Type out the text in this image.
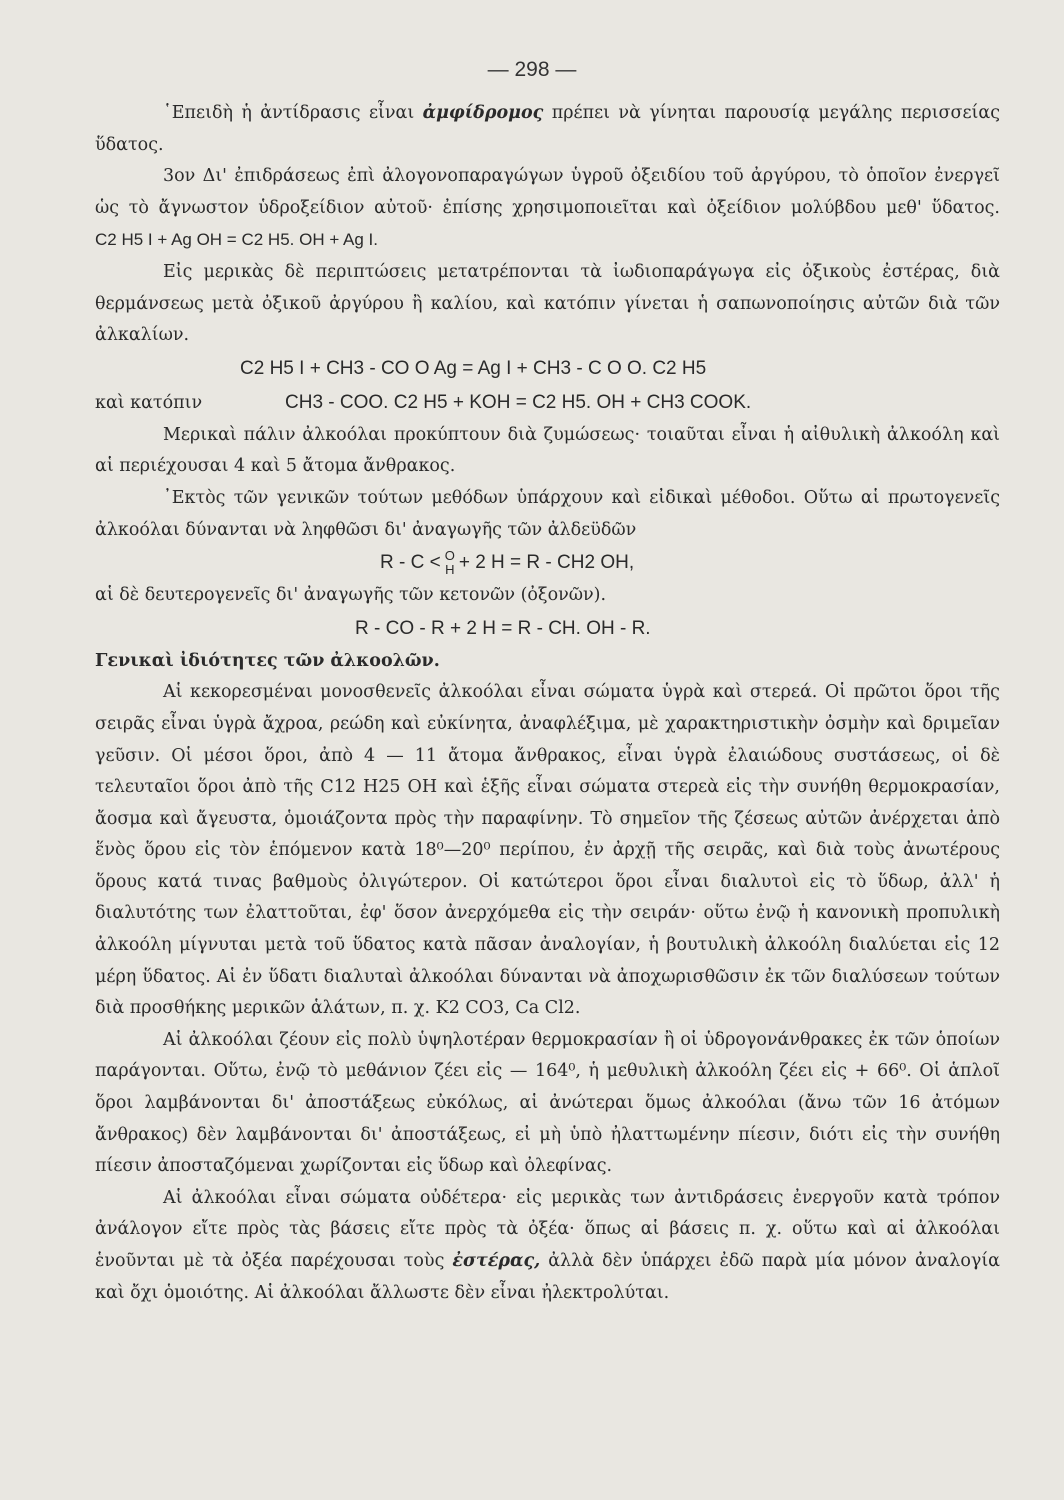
— 298 —

῾Επειδὴ ἡ ἀντίδρασις εἶναι ἀμφίδρομος πρέπει νὰ γίνηται παρουσίᾳ μεγάλης περισσείας ὕδατος.

3ον Δι' ἐπιδράσεως ἐπὶ ἀλογονοπαραγώγων ὑγροῦ ὀξειδίου τοῦ ἀργύρου, τὸ ὁποῖον ἐνεργεῖ ὡς τὸ ἄγνωστον ὑδροξείδιον αὐτοῦ· ἐπίσης χρησιμοποιεῖται καὶ ὀξείδιον μολύβδου μεθ' ὕδατος. C2 H5 I + Ag OH = C2 H5. OH + Ag I.

Εἰς μερικὰς δὲ περιπτώσεις μετατρέπονται τὰ ἰωδιοπαράγωγα εἰς ὀξικοὺς ἐστέρας, διὰ θερμάνσεως μετὰ ὀξικοῦ ἀργύρου ἢ καλίου, καὶ κατόπιν γίνεται ἡ σαπωνοποίησις αὐτῶν διὰ τῶν ἀλκαλίων.

C2 H5 I + CH3 - CO O Ag = Ag I + CH3 - C O O. C2 H5
καὶ κατόπιν	CH3 - COO. C2 H5 + KOH = C2 H5. OH + CH3 COOK.

Μερικαὶ πάλιν ἀλκοόλαι προκύπτουν διὰ ζυμώσεως· τοιαῦται εἶναι ἡ αἰθυλικὴ ἀλκοόλη καὶ αἱ περιέχουσαι 4 καὶ 5 ἄτομα ἄνθρακος.

᾿Εκτὸς τῶν γενικῶν τούτων μεθόδων ὑπάρχουν καὶ εἰδικαὶ μέθοδοι. Οὕτω αἱ πρωτογενεῖς ἀλκοόλαι δύνανται νὰ ληφθῶσι δι' ἀναγωγῆς τῶν ἀλδεϋδῶν

R - C < O
H + 2 H = R - CH2 OH,

αἱ δὲ δευτερογενεῖς δι' ἀναγωγῆς τῶν κετονῶν (ὀξονῶν).

R - CO - R + 2 H = R - CH. OH - R.

Γενικαὶ ἰδιότητες τῶν ἀλκοολῶν.

Αἱ κεκορεσμέναι μονοσθενεῖς ἀλκοόλαι εἶναι σώματα ὑγρὰ καὶ στερεά. Οἱ πρῶτοι ὅροι τῆς σειρᾶς εἶναι ὑγρὰ ἄχροα, ρεώδη καὶ εὐκίνητα, ἀναφλέξιμα, μὲ χαρακτηριστικὴν ὀσμὴν καὶ δριμεῖαν γεῦσιν. Οἱ μέσοι ὅροι, ἀπὸ 4 — 11 ἄτομα ἄνθρακος, εἶναι ὑγρὰ ἐλαιώδους συστάσεως, οἱ δὲ τελευταῖοι ὅροι ἀπὸ τῆς C12 H25 OH καὶ ἑξῆς εἶναι σώματα στερεὰ εἰς τὴν συνήθη θερμοκρασίαν, ἄοσμα καὶ ἄγευστα, ὁμοιάζοντα πρὸς τὴν παραφίνην. Τὸ σημεῖον τῆς ζέσεως αὐτῶν ἀνέρχεται ἀπὸ ἕνὸς ὅρου εἰς τὸν ἑπόμενον κατὰ 18⁰—20⁰ περίπου, ἐν ἀρχῇ τῆς σειρᾶς, καὶ διὰ τοὺς ἀνωτέρους ὅρους κατά τινας βαθμοὺς ὀλιγώτερον. Οἱ κατώτεροι ὅροι εἶναι διαλυτοὶ εἰς τὸ ὕδωρ, ἀλλ' ἡ διαλυτότης των ἐλαττοῦται, ἐφ' ὅσον ἀνερχόμεθα εἰς τὴν σειράν· οὕτω ἐνῷ ἡ κανονικὴ προπυλικὴ ἀλκοόλη μίγνυται μετὰ τοῦ ὕδατος κατὰ πᾶσαν ἀναλογίαν, ἡ βουτυλικὴ ἀλκοόλη διαλύεται εἰς 12 μέρη ὕδατος. Αἱ ἐν ὕδατι διαλυταὶ ἀλκοόλαι δύνανται νὰ ἀποχωρισθῶσιν ἐκ τῶν διαλύσεων τούτων διὰ προσθήκης μερικῶν ἁλάτων, π. χ. K2 CO3, Ca Cl2.

Αἱ ἀλκοόλαι ζέουν εἰς πολὺ ὑψηλοτέραν θερμοκρασίαν ἢ οἱ ὑδρογονάνθρακες ἐκ τῶν ὁποίων παράγονται. Οὕτω, ἐνῷ τὸ μεθάνιον ζέει εἰς — 164⁰, ἡ μεθυλικὴ ἀλκοόλη ζέει εἰς + 66⁰. Οἱ ἁπλοῖ ὅροι λαμβάνονται δι' ἀποστάξεως εὐκόλως, αἱ ἀνώτεραι ὅμως ἀλκοόλαι (ἄνω τῶν 16 ἀτόμων ἄνθρακος) δὲν λαμβάνονται δι' ἀποστάξεως, εἰ μὴ ὑπὸ ἠλαττωμένην πίεσιν, διότι εἰς τὴν συνήθη πίεσιν ἀποσταζόμεναι χωρίζονται εἰς ὕδωρ καὶ ὀλεφίνας.

Αἱ ἀλκοόλαι εἶναι σώματα οὐδέτερα· εἰς μερικὰς των ἀντιδράσεις ἐνεργοῦν κατὰ τρόπον ἀνάλογον εἴτε πρὸς τὰς βάσεις εἴτε πρὸς τὰ ὀξέα· ὅπως αἱ βάσεις π. χ. οὕτω καὶ αἱ ἀλκοόλαι ἑνοῦνται μὲ τὰ ὀξέα παρέχουσαι τοὺς ἐστέρας, ἀλλὰ δὲν ὑπάρχει ἐδῶ παρὰ μία μόνον ἀναλογία καὶ ὄχι ὁμοιότης. Αἱ ἀλκοόλαι ἄλλωστε δὲν εἶναι ἠλεκτρολύται.
